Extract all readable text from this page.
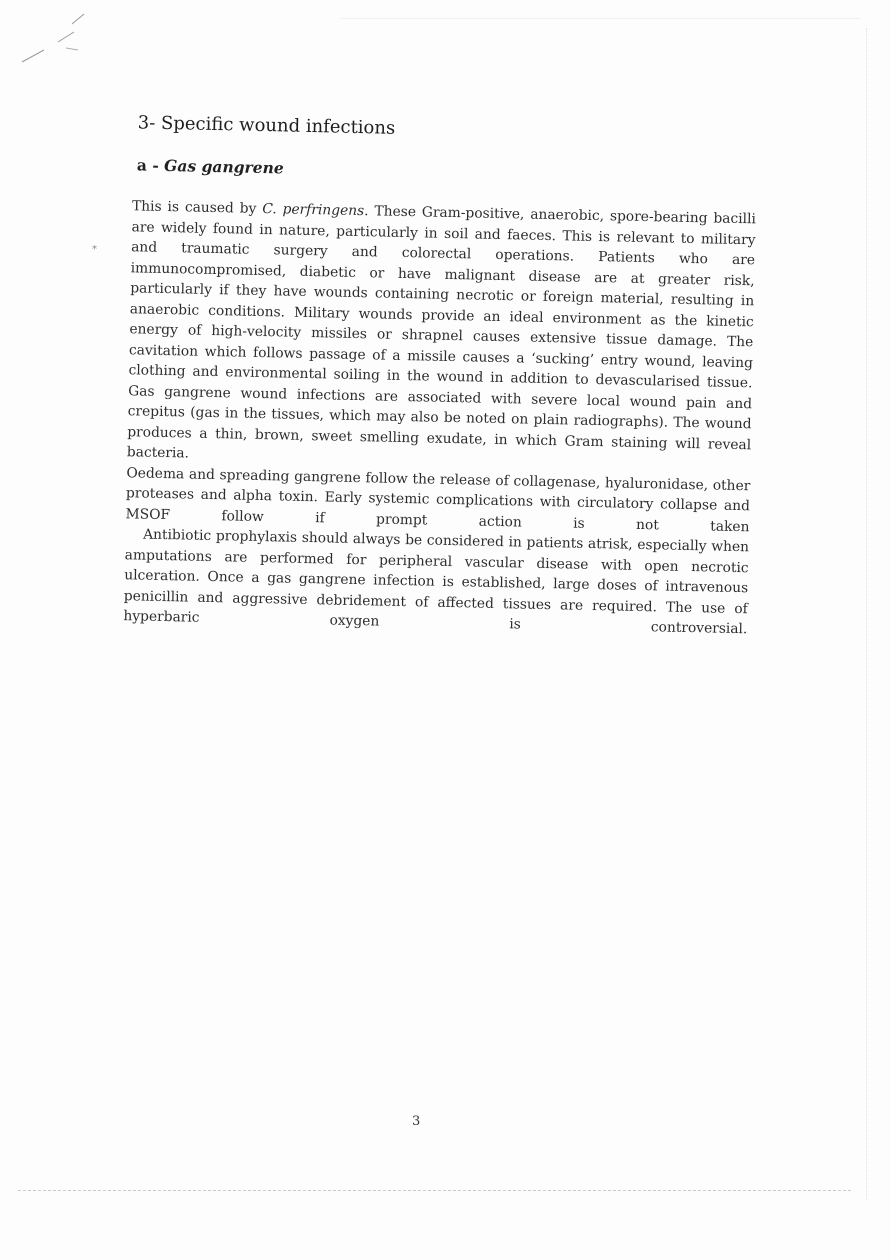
*
3- Specific wound infections
a - Gas gangrene

This is caused by C. perfringens. These Gram-positive, anaerobic, spore-bearing bacilli are widely found in nature, particularly in soil and faeces. This is relevant to military and traumatic surgery and colorectal operations. Patients who are immunocompromised, diabetic or have malignant disease are at greater risk, particularly if they have wounds containing necrotic or foreign material, resulting in anaerobic conditions. Military wounds provide an ideal environment as the kinetic energy of high-velocity missiles or shrapnel causes extensive tissue damage. The cavitation which follows passage of a missile causes a ‘sucking’ entry wound, leaving clothing and environmental soiling in the wound in addition to devascularised tissue. Gas gangrene wound infections are associated with severe local wound pain and crepitus (gas in the tissues, which may also be noted on plain radiographs). The wound produces a thin, brown, sweet smelling exudate, in which Gram staining will reveal bacteria.

Oedema and spreading gangrene follow the release of collagenase, hyaluronidase, other proteases and alpha toxin. Early systemic complications with circulatory collapse and MSOF follow if prompt action is not taken

Antibiotic prophylaxis should always be considered in patients atrisk, especially when amputations are performed for peripheral vascular disease with open necrotic ulceration. Once a gas gangrene infection is established, large doses of intravenous penicillin and aggressive debridement of affected tissues are required. The use of hyperbaric oxygen is controversial.

3
